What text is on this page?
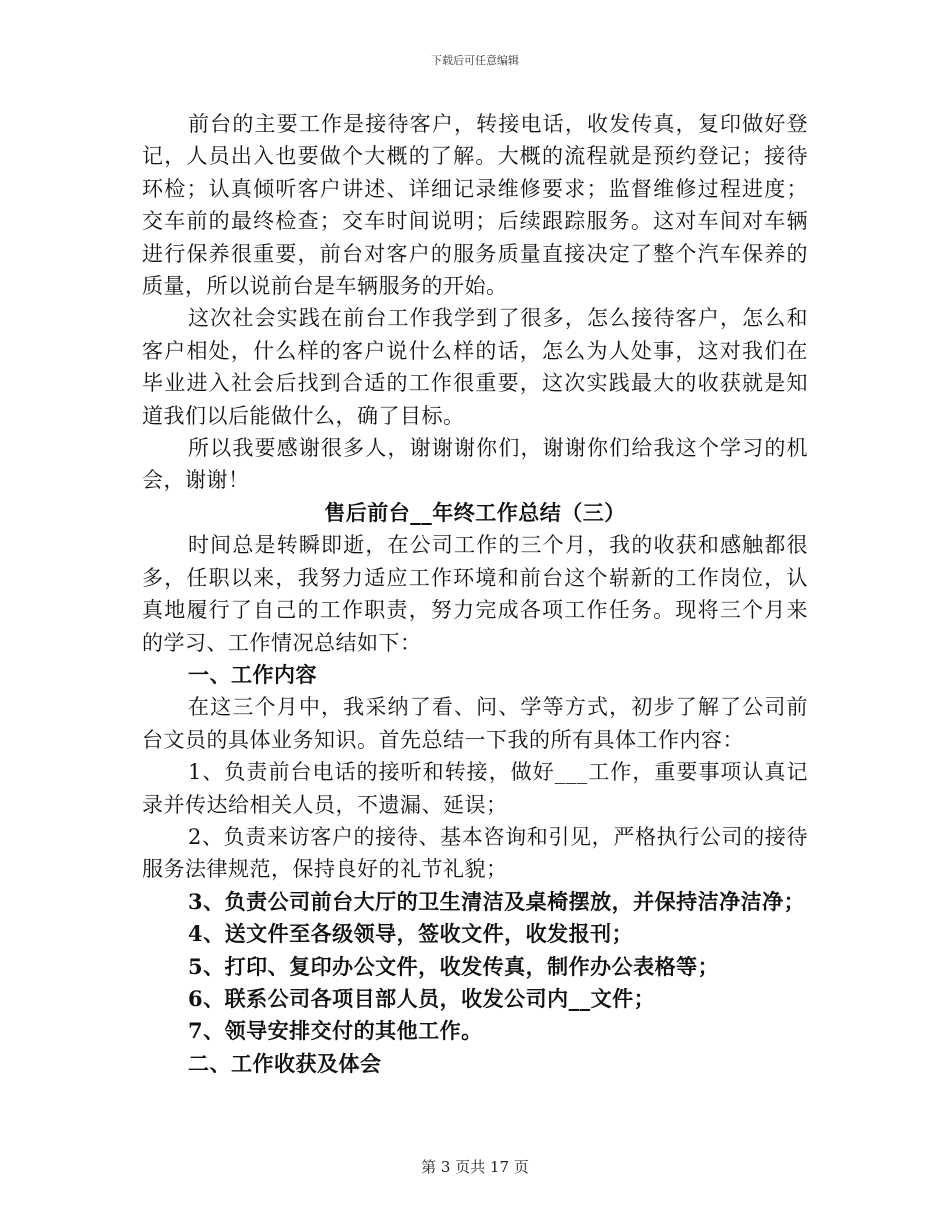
下载后可任意编辑

前台的主要工作是接待客户，转接电话，收发传真，复印做好登记，人员出入也要做个大概的了解。大概的流程就是预约登记；接待环检；认真倾听客户讲述、详细记录维修要求；监督维修过程进度；交车前的最终检查；交车时间说明；后续跟踪服务。这对车间对车辆进行保养很重要，前台对客户的服务质量直接决定了整个汽车保养的质量，所以说前台是车辆服务的开始。

这次社会实践在前台工作我学到了很多，怎么接待客户，怎么和客户相处，什么样的客户说什么样的话，怎么为人处事，这对我们在毕业进入社会后找到合适的工作很重要，这次实践最大的收获就是知道我们以后能做什么，确了目标。

所以我要感谢很多人，谢谢谢你们，谢谢你们给我这个学习的机会，谢谢！

售后前台__年终工作总结（三）

时间总是转瞬即逝，在公司工作的三个月，我的收获和感触都很多，任职以来，我努力适应工作环境和前台这个崭新的工作岗位，认真地履行了自己的工作职责，努力完成各项工作任务。现将三个月来的学习、工作情况总结如下：

一、工作内容

在这三个月中，我采纳了看、问、学等方式，初步了解了公司前台文员的具体业务知识。首先总结一下我的所有具体工作内容：

1、负责前台电话的接听和转接，做好___工作，重要事项认真记录并传达给相关人员，不遗漏、延误；

2、负责来访客户的接待、基本咨询和引见，严格执行公司的接待服务法律规范，保持良好的礼节礼貌；

3、负责公司前台大厅的卫生清洁及桌椅摆放，并保持洁净洁净；

4、送文件至各级领导，签收文件，收发报刊；

5、打印、复印办公文件，收发传真，制作办公表格等；

6、联系公司各项目部人员，收发公司内__文件；

7、领导安排交付的其他工作。

二、工作收获及体会

第 3 页共 17 页
